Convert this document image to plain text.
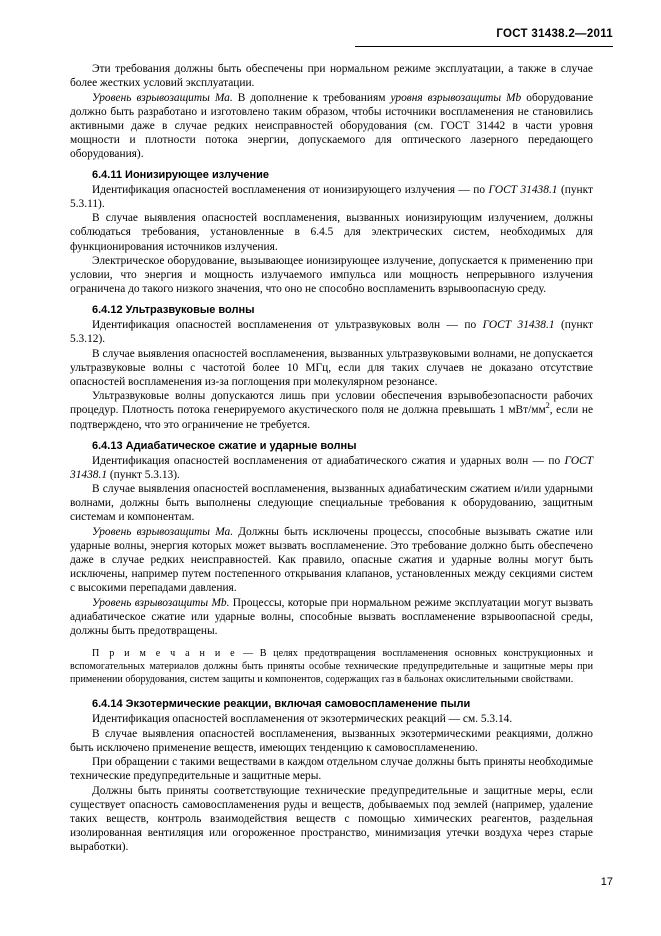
ГОСТ 31438.2—2011

Эти требования должны быть обеспечены при нормальном режиме эксплуатации, а также в случае более жестких условий эксплуатации.

Уровень взрывозащиты Ма. В дополнение к требованиям уровня взрывозащиты Mb оборудование должно быть разработано и изготовлено таким образом, чтобы источники воспламенения не становились активными даже в случае редких неисправностей оборудования (см. ГОСТ 31442 в части уровня мощности и плотности потока энергии, допускаемого для оптического лазерного передающего оборудования).

6.4.11 Ионизирующее излучение

Идентификация опасностей воспламенения от ионизирующего излучения — по ГОСТ 31438.1 (пункт 5.3.11).

В случае выявления опасностей воспламенения, вызванных ионизирующим излучением, должны соблюдаться требования, установленные в 6.4.5 для электрических систем, необходимых для функционирования источников излучения.

Электрическое оборудование, вызывающее ионизирующее излучение, допускается к применению при условии, что энергия и мощность излучаемого импульса или мощность непрерывного излучения ограничена до такого низкого значения, что оно не способно воспламенить взрывоопасную среду.

6.4.12 Ультразвуковые волны

Идентификация опасностей воспламенения от ультразвуковых волн — по ГОСТ 31438.1 (пункт 5.3.12).

В случае выявления опасностей воспламенения, вызванных ультразвуковыми волнами, не допускается ультразвуковые волны с частотой более 10 МГц, если для таких случаев не доказано отсутствие опасностей воспламенения из-за поглощения при молекулярном резонансе.

Ультразвуковые волны допускаются лишь при условии обеспечения взрывобезопасности рабочих процедур. Плотность потока генерируемого акустического поля не должна превышать 1 мВт/$мм^2$, если не подтверждено, что это ограничение не требуется.

6.4.13 Адиабатическое сжатие и ударные волны

Идентификация опасностей воспламенения от адиабатического сжатия и ударных волн — по ГОСТ 31438.1 (пункт 5.3.13).

В случае выявления опасностей воспламенения, вызванных адиабатическим сжатием и/или ударными волнами, должны быть выполнены следующие специальные требования к оборудованию, защитным системам и компонентам.

Уровень взрывозащиты Ма. Должны быть исключены процессы, способные вызывать сжатие или ударные волны, энергия которых может вызвать воспламенение. Это требование должно быть обеспечено даже в случае редких неисправностей. Как правило, опасные сжатия и ударные волны могут быть исключены, например путем постепенного открывания клапанов, установленных между секциями систем с высокими перепадами давления.

Уровень взрывозащиты Mb. Процессы, которые при нормальном режиме эксплуатации могут вызвать адиабатическое сжатие или ударные волны, способные вызвать воспламенение взрывоопасной среды, должны быть предотвращены.

П р и м е ч а н и е — В целях предотвращения воспламенения основных конструкционных и вспомогательных материалов должны быть приняты особые технические предупредительные и защитные меры при применении оборудования, систем защиты и компонентов, содержащих газ в бальонах окислительными свойствами.

6.4.14 Экзотермические реакции, включая самовоспламенение пыли

Идентификация опасностей воспламенения от экзотермических реакций — см. 5.3.14.

В случае выявления опасностей воспламенения, вызванных экзотермическими реакциями, должно быть исключено применение веществ, имеющих тенденцию к самовоспламенению.

При обращении с такими веществами в каждом отдельном случае должны быть приняты необходимые технические предупредительные и защитные меры.

Должны быть приняты соответствующие технические предупредительные и защитные меры, если существует опасность самовоспламенения руды и веществ, добываемых под землей (например, удаление таких веществ, контроль взаимодействия веществ с помощью химических реагентов, раздельная изолированная вентиляция или огороженное пространство, минимизация утечки воздуха через старые выработки).

17
